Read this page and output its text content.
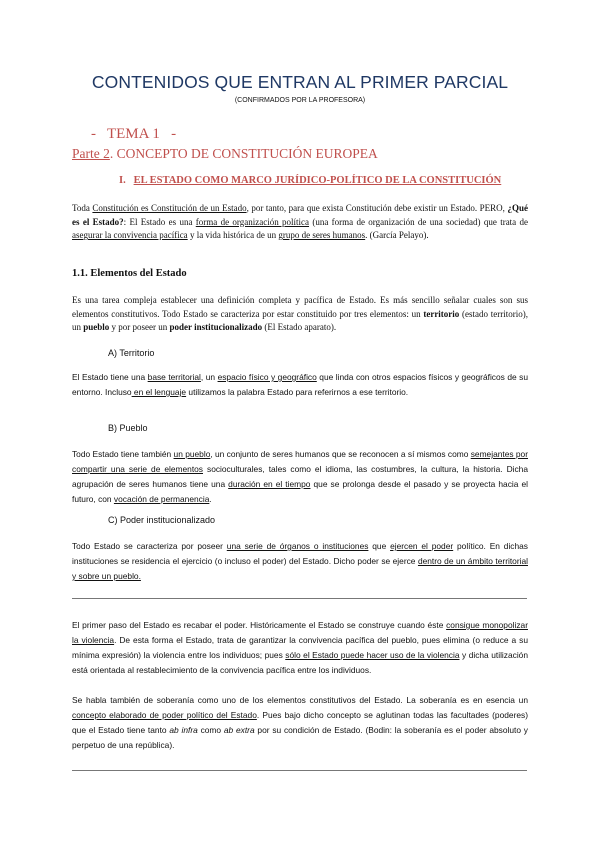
CONTENIDOS QUE ENTRAN AL PRIMER PARCIAL
(CONFIRMADOS POR LA PROFESORA)
-   TEMA 1   -
Parte 2. CONCEPTO DE CONSTITUCIÓN EUROPEA
I. EL ESTADO COMO MARCO JURÍDICO-POLÍTICO DE LA CONSTITUCIÓN

Toda Constitución es Constitución de un Estado, por tanto, para que exista Constitución debe existir un Estado. PERO, ¿Qué es el Estado?: El Estado es una forma de organización política (una forma de organización de una sociedad) que trata de asegurar la convivencia pacífica y la vida histórica de un grupo de seres humanos. (García Pelayo).

1.1. Elementos del Estado

Es una tarea compleja establecer una definición completa y pacífica de Estado. Es más sencillo señalar cuales son sus elementos constitutivos. Todo Estado se caracteriza por estar constituido por tres elementos: un territorio (estado territorio), un pueblo y por poseer un poder institucionalizado (El Estado aparato).

A) Territorio

El Estado tiene una base territorial, un espacio físico y geográfico que linda con otros espacios físicos y geográficos de su entorno. Incluso en el lenguaje utilizamos la palabra Estado para referirnos a ese territorio.

B) Pueblo

Todo Estado tiene también un pueblo, un conjunto de seres humanos que se reconocen a sí mismos como semejantes por compartir una serie de elementos socioculturales, tales como el idioma, las costumbres, la cultura, la historia. Dicha agrupación de seres humanos tiene una duración en el tiempo que se prolonga desde el pasado y se proyecta hacia el futuro, con vocación de permanencia.

C) Poder institucionalizado

Todo Estado se caracteriza por poseer una serie de órganos o instituciones que ejercen el poder político. En dichas instituciones se residencia el ejercicio (o incluso el poder) del Estado. Dicho poder se ejerce dentro de un ámbito territorial y sobre un pueblo.

El primer paso del Estado es recabar el poder. Históricamente el Estado se construye cuando éste consigue monopolizar la violencia. De esta forma el Estado, trata de garantizar la convivencia pacífica del pueblo, pues elimina (o reduce a su mínima expresión) la violencia entre los individuos; pues sólo el Estado puede hacer uso de la violencia y dicha utilización está orientada al restablecimiento de la convivencia pacífica entre los individuos.

Se habla también de soberanía como uno de los elementos constitutivos del Estado. La soberanía es en esencia un concepto elaborado de poder político del Estado. Pues bajo dicho concepto se aglutinan todas las facultades (poderes) que el Estado tiene tanto ab infra como ab extra por su condición de Estado. (Bodin: la soberanía es el poder absoluto y perpetuo de una república).
